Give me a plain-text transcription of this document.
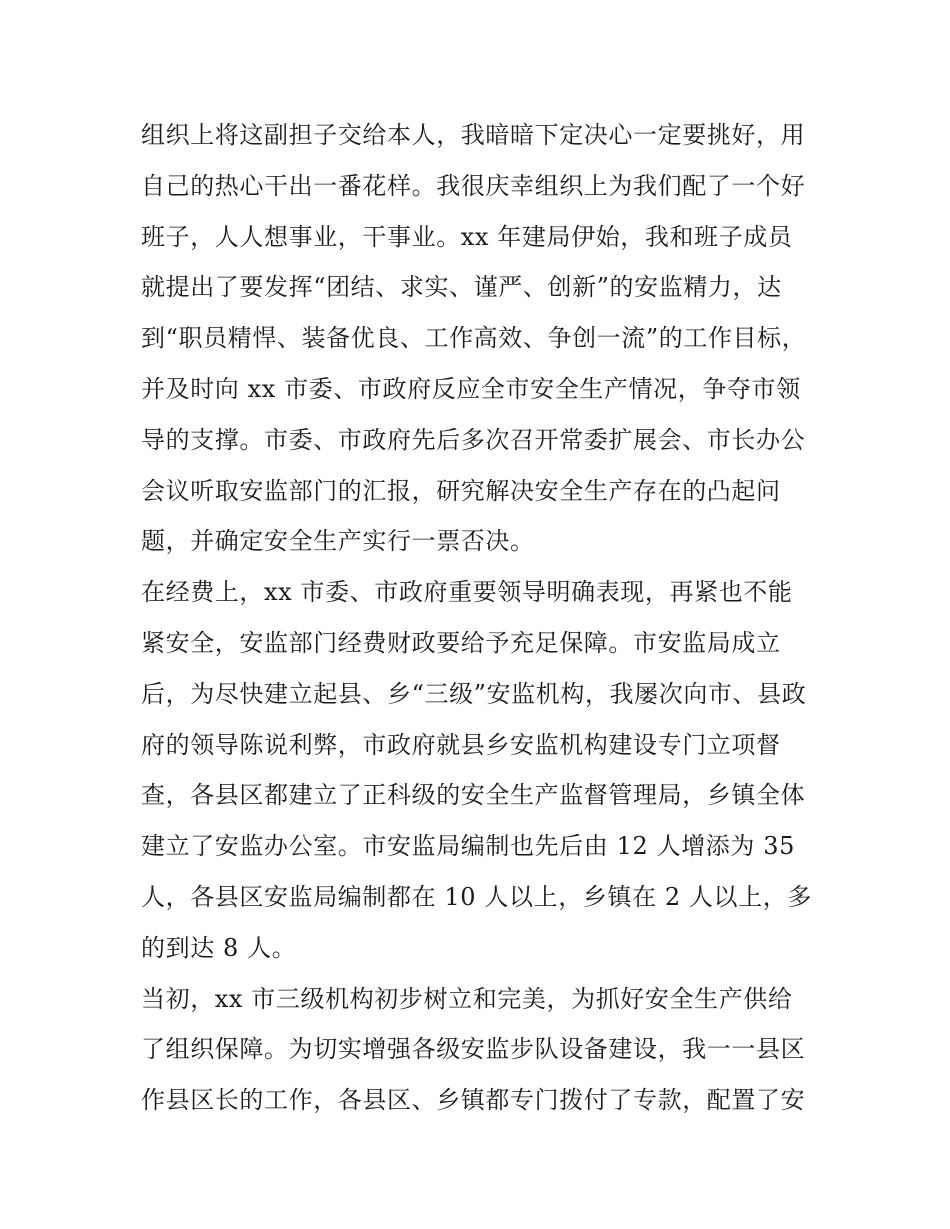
组织上将这副担子交给本人，我暗暗下定决心一定要挑好，用
自己的热心干出一番花样。我很庆幸组织上为我们配了一个好
班子，人人想事业，干事业。xx 年建局伊始，我和班子成员
就提出了要发挥“团结、求实、谨严、创新”的安监精力，达
到“职员精悍、装备优良、工作高效、争创一流”的工作目标，
并及时向 xx 市委、市政府反应全市安全生产情况，争夺市领
导的支撑。市委、市政府先后多次召开常委扩展会、市长办公
会议听取安监部门的汇报，研究解决安全生产存在的凸起问
题，并确定安全生产实行一票否决。
在经费上，xx 市委、市政府重要领导明确表现，再紧也不能
紧安全，安监部门经费财政要给予充足保障。市安监局成立
后，为尽快建立起县、乡“三级”安监机构，我屡次向市、县政
府的领导陈说利弊，市政府就县乡安监机构建设专门立项督
查，各县区都建立了正科级的安全生产监督管理局，乡镇全体
建立了安监办公室。市安监局编制也先后由 12 人增添为 35
人，各县区安监局编制都在 10 人以上，乡镇在 2 人以上，多
的到达 8 人。
当初，xx 市三级机构初步树立和完美，为抓好安全生产供给
了组织保障。为切实增强各级安监步队设备建设，我一一县区
作县区长的工作，各县区、乡镇都专门拨付了专款，配置了安
